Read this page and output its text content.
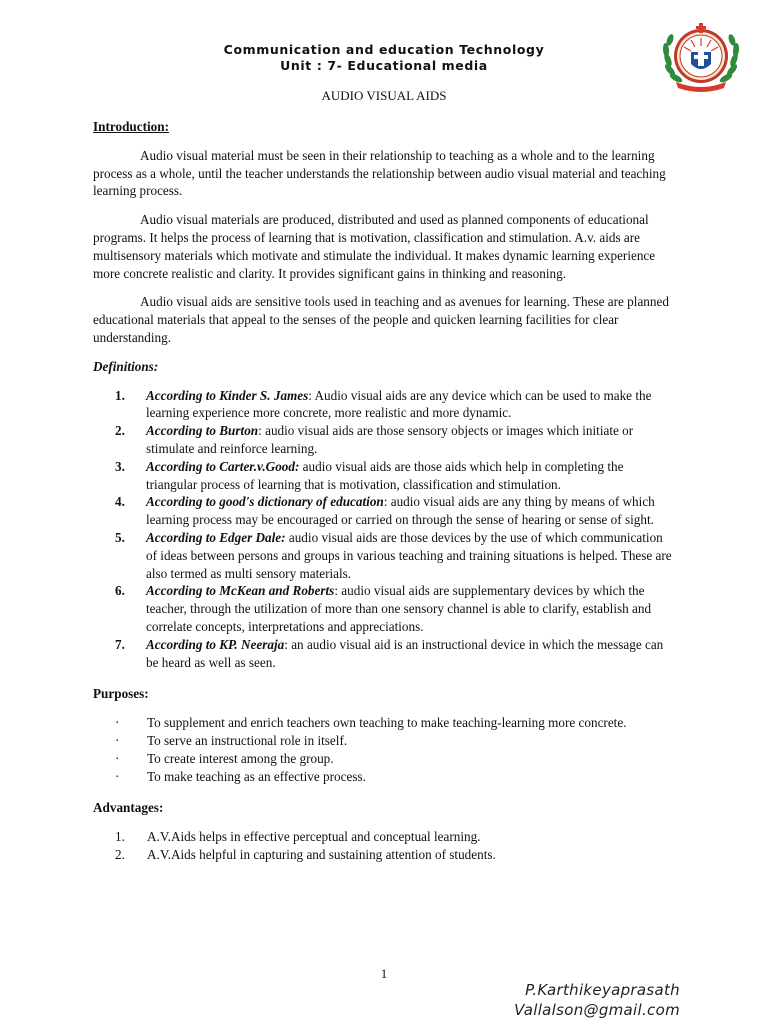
Communication and education Technology

Unit : 7- Educational media
AUDIO VISUAL AIDS
Introduction:

Audio visual material must be seen in their relationship to teaching as a whole and to the learning process as a whole, until the teacher understands the relationship between audio visual material and teaching learning process.

Audio visual materials are produced, distributed and used as planned components of educational programs. It helps the process of learning that is motivation, classification and stimulation. A.v. aids are multisensory materials which motivate and stimulate the individual. It makes dynamic learning experience more concrete realistic and clarity. It provides significant gains in thinking and reasoning.

Audio visual aids are sensitive tools used in teaching and as avenues for learning. These are planned educational materials that appeal to the senses of the people and quicken learning facilities for clear understanding.

Definitions:
1. According to Kinder S. James: Audio visual aids are any device which can be used to make the learning experience more concrete, more realistic and more dynamic.
2. According to Burton: audio visual aids are those sensory objects or images which initiate or stimulate and reinforce learning.
3. According to Carter.v.Good: audio visual aids are those aids which help in completing the triangular process of learning that is motivation, classification and stimulation.
4. According to good's dictionary of education: audio visual aids are any thing by means of which learning process may be encouraged or carried on through the sense of hearing or sense of sight.
5. According to Edger Dale: audio visual aids are those devices by the use of which communication of ideas between persons and groups in various teaching and training situations is helped. These are also termed as multi sensory materials.
6. According to McKean and Roberts: audio visual aids are supplementary devices by which the teacher, through the utilization of more than one sensory channel is able to clarify, establish and correlate concepts, interpretations and appreciations.
7. According to KP. Neeraja: an audio visual aid is an instructional device in which the message can be heard as well as seen.
Purposes:
· To supplement and enrich teachers own teaching to make teaching-learning more concrete.
· To serve an instructional role in itself.
· To create interest among the group.
· To make teaching as an effective process.
Advantages:
1. A.V.Aids helps in effective perceptual and conceptual learning.
2. A.V.Aids helpful in capturing and sustaining attention of students.
1
P.Karthikeyaprasath
Vallalson@gmail.com
